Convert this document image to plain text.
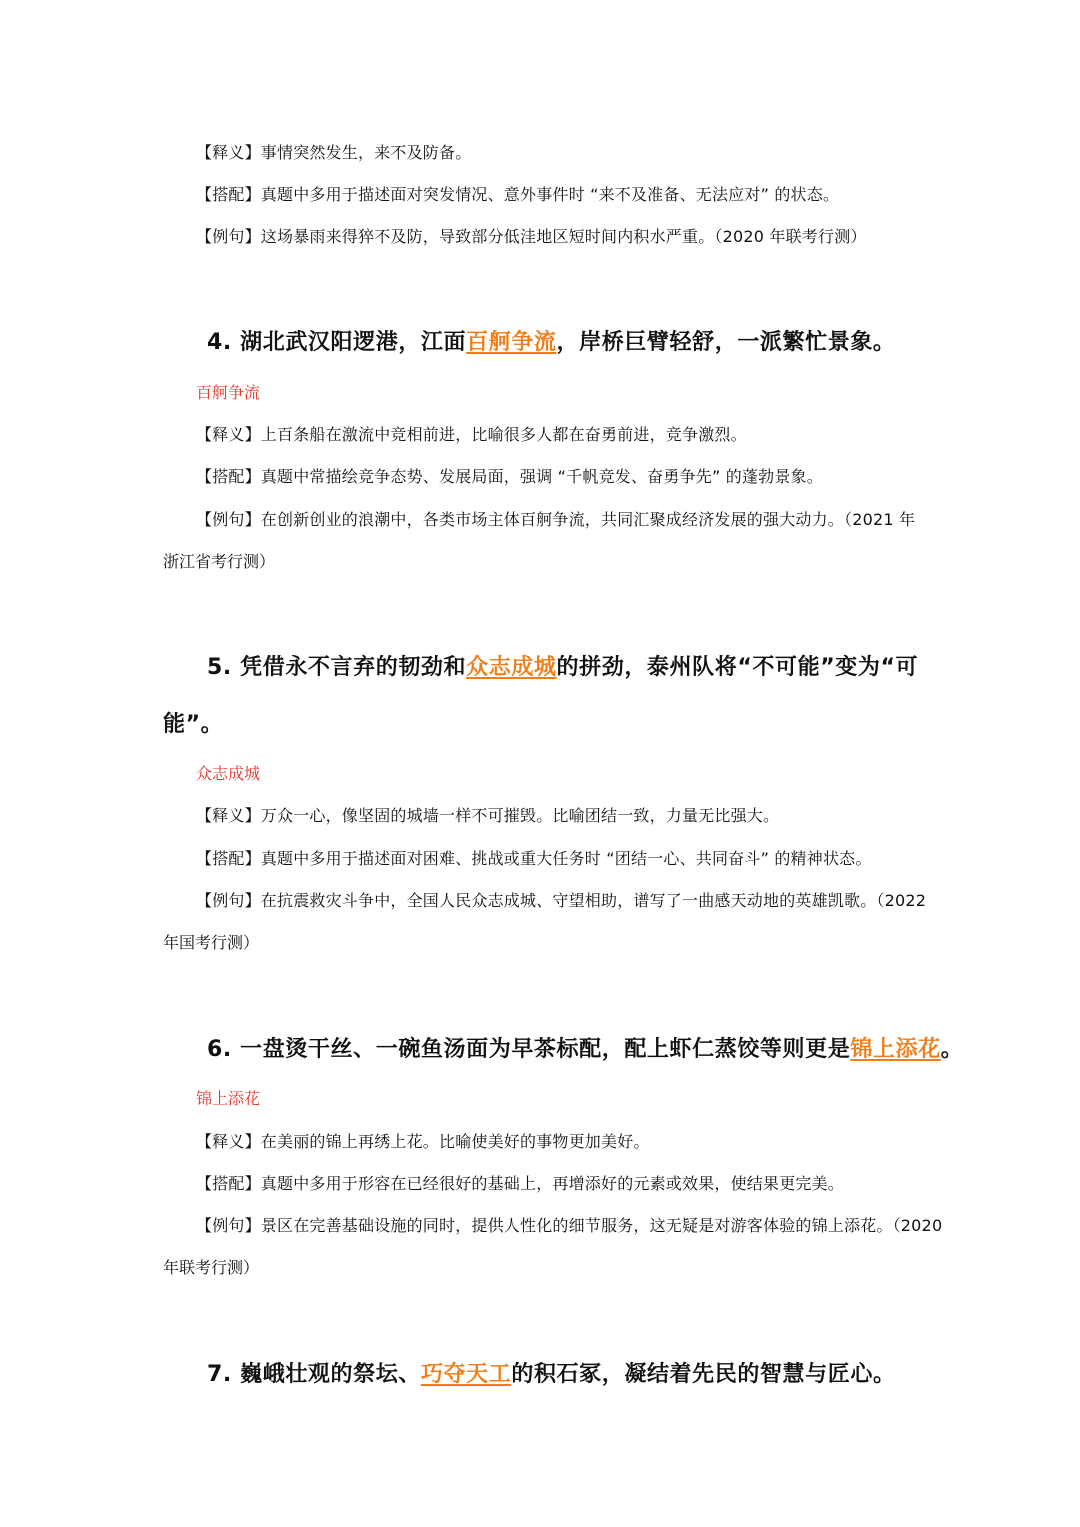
【释义】事情突然发生，来不及防备。
【搭配】真题中多用于描述面对突发情况、意外事件时 “来不及准备、无法应对” 的状态。
【例句】这场暴雨来得猝不及防，导致部分低洼地区短时间内积水严重。（2020 年联考行测）
4. 湖北武汉阳逻港，江面百舸争流，岸桥巨臂轻舒，一派繁忙景象。
百舸争流
【释义】上百条船在激流中竞相前进，比喻很多人都在奋勇前进，竞争激烈。
【搭配】真题中常描绘竞争态势、发展局面，强调 “千帆竞发、奋勇争先” 的蓬勃景象。
【例句】在创新创业的浪潮中，各类市场主体百舸争流，共同汇聚成经济发展的强大动力。（2021 年
浙江省考行测）
5. 凭借永不言弃的韧劲和众志成城的拼劲，泰州队将“不可能”变为“可
能”。
众志成城
【释义】万众一心，像坚固的城墙一样不可摧毁。比喻团结一致，力量无比强大。
【搭配】真题中多用于描述面对困难、挑战或重大任务时 “团结一心、共同奋斗” 的精神状态。
【例句】在抗震救灾斗争中，全国人民众志成城、守望相助，谱写了一曲感天动地的英雄凯歌。（2022
年国考行测）
6. 一盘烫干丝、一碗鱼汤面为早茶标配，配上虾仁蒸饺等则更是锦上添花。
锦上添花
【释义】在美丽的锦上再绣上花。比喻使美好的事物更加美好。
【搭配】真题中多用于形容在已经很好的基础上，再增添好的元素或效果，使结果更完美。
【例句】景区在完善基础设施的同时，提供人性化的细节服务，这无疑是对游客体验的锦上添花。（2020
年联考行测）
7. 巍峨壮观的祭坛、巧夺天工的积石冢，凝结着先民的智慧与匠心。
